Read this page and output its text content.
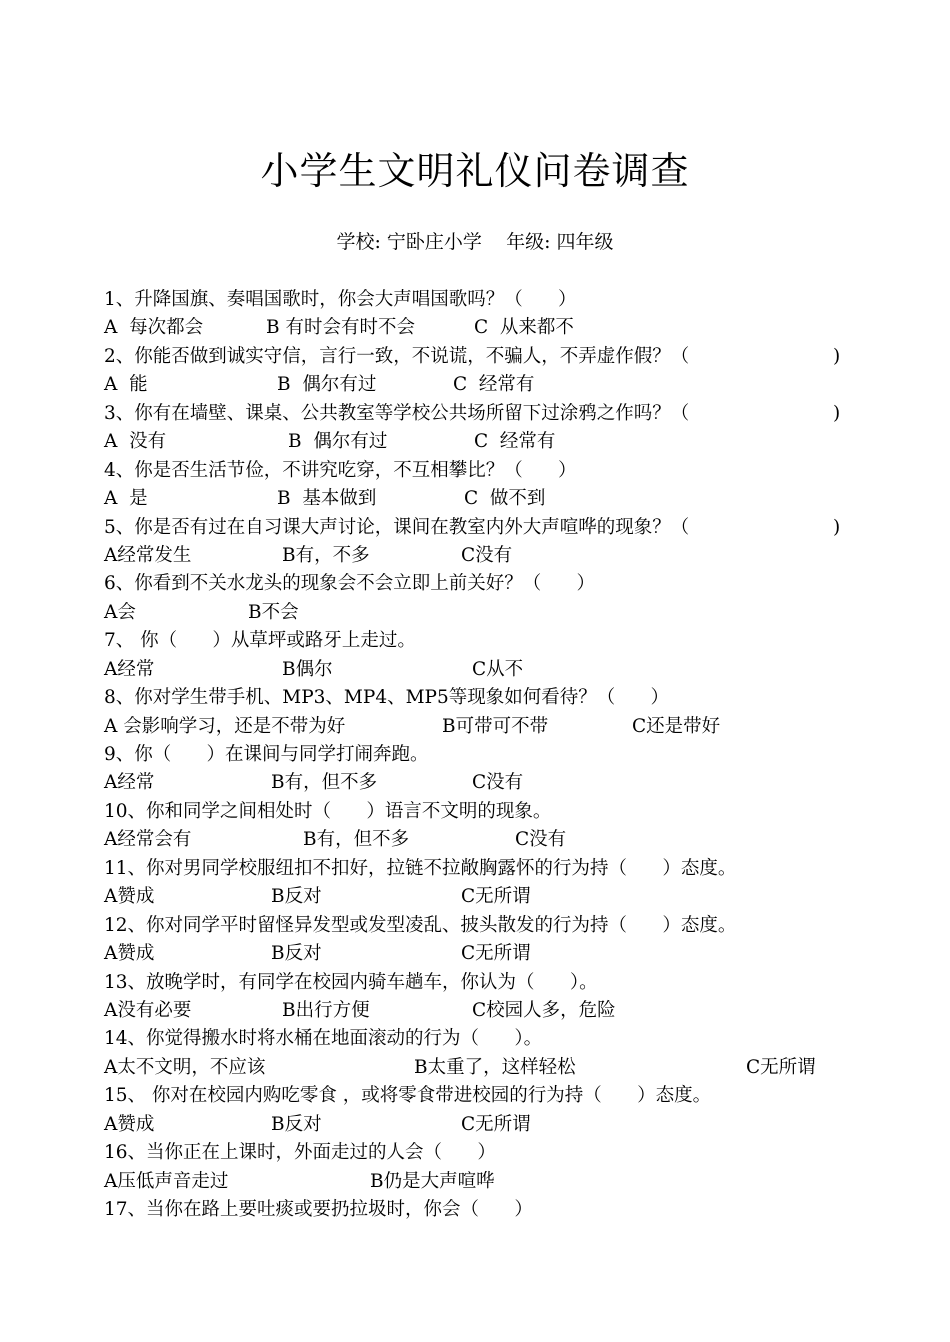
小学生文明礼仪问卷调查
学校: 宁卧庄小学    年级: 四年级
1、升降国旗、奏唱国歌时，你会大声唱国歌吗？（      ）

A  每次都会

	B 有时会有时不会

	C  从来都不

2、你能否做到诚实守信，言行一致，不说谎，不骗人，不弄虚作假？（	)

A  能

	B  偶尔有过

	C  经常有

3、你有在墙壁、课桌、公共教室等学校公共场所留下过涂鸦之作吗？（	)

A  没有

	B  偶尔有过

	C  经常有

4、你是否生活节俭，不讲究吃穿，不互相攀比？（      ）

A  是

	B  基本做到

	C  做不到

5、你是否有过在自习课大声讨论，课间在教室内外大声喧哗的现象？（	)

A经常发生

	B有，不多

	C没有

6、你看到不关水龙头的现象会不会立即上前关好？（      ）

A会

	B不会

7、 你（      ）从草坪或路牙上走过。

A经常

	B偶尔

	C从不

8、你对学生带手机、MP3、MP4、MP5等现象如何看待？（      ）

A 会影响学习，还是不带为好

	B可带可不带

	C还是带好

9、你（      ）在课间与同学打闹奔跑。

A经常

	B有，但不多

	C没有

10、你和同学之间相处时（      ）语言不文明的现象。

A经常会有

	B有，但不多

	C没有

11、你对男同学校服纽扣不扣好，拉链不拉敞胸露怀的行为持（      ）态度。

A赞成

	B反对

	C无所谓

12、你对同学平时留怪异发型或发型凌乱、披头散发的行为持（      ）态度。

A赞成

	B反对

	C无所谓

13、放晚学时，有同学在校园内骑车趟车，你认为（      ）。

A没有必要

	B出行方便

	C校园人多，危险

14、你觉得搬水时将水桶在地面滚动的行为（      ）。

A太不文明，不应该

	B太重了，这样轻松

	C无所谓

15、 你对在校园内购吃零食 ，或将零食带进校园的行为持（      ）态度。

A赞成

	B反对

	C无所谓

16、当你正在上课时，外面走过的人会（      ）

A压低声音走过

	B仍是大声喧哗

17、当你在路上要吐痰或要扔拉圾时，你会（      ）
